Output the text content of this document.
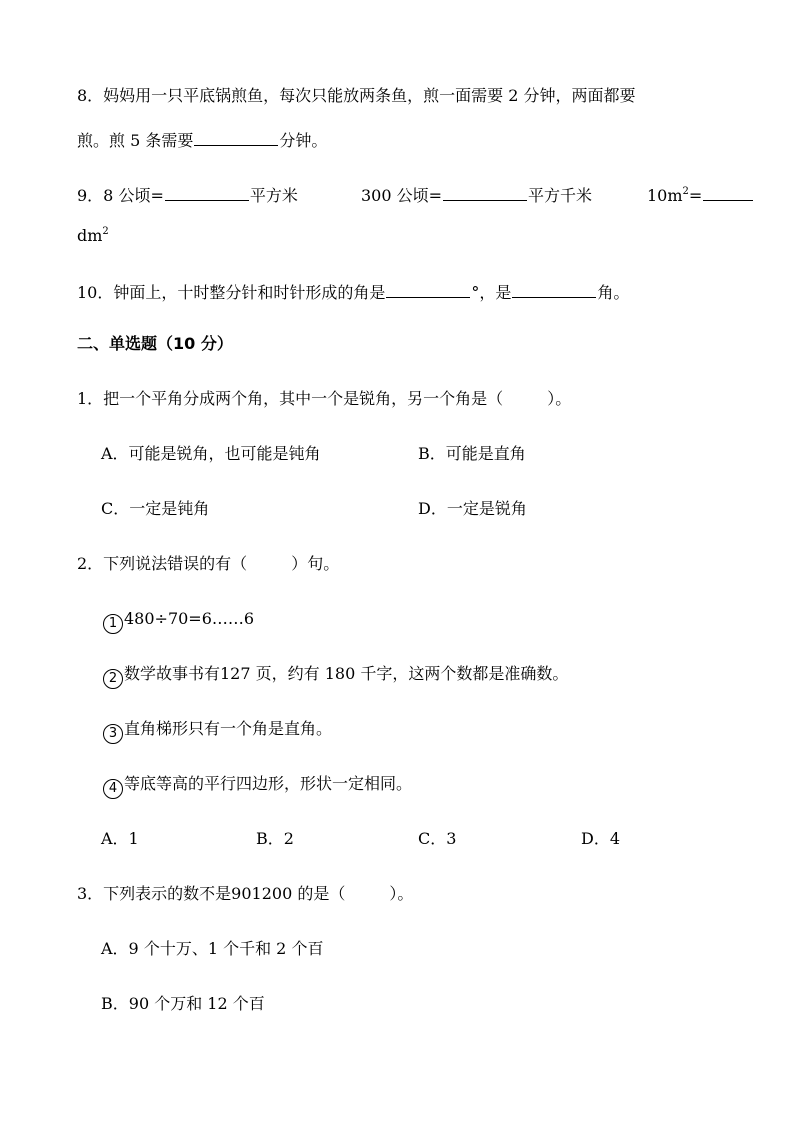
8．妈妈用一只平底锅煎鱼，每次只能放两条鱼，煎一面需要 2 分钟，两面都要
煎。煎 5 条需要	分钟。
9．8 公顷=	平方米	300 公顷=	平方千米	$10m^2=$
$dm^2$
10．钟面上，十时整分针和时针形成的角是	°，是	角。
二、单选题（10 分）
1．把一个平角分成两个角，其中一个是锐角，另一个角是（	）。
A．可能是锐角，也可能是钝角	B．可能是直角
C．一定是钝角	D．一定是锐角
2．下列说法错误的有（	）句。
1 480÷70=6……6
2 数学故事书有127 页，约有 180 千字，这两个数都是准确数。
3 直角梯形只有一个角是直角。
4 等底等高的平行四边形，形状一定相同。
A．1	B．2	C．3	D．4
3．下列表示的数不是901200 的是（	）。
A．9 个十万、1 个千和 2 个百
B．90 个万和 12 个百
